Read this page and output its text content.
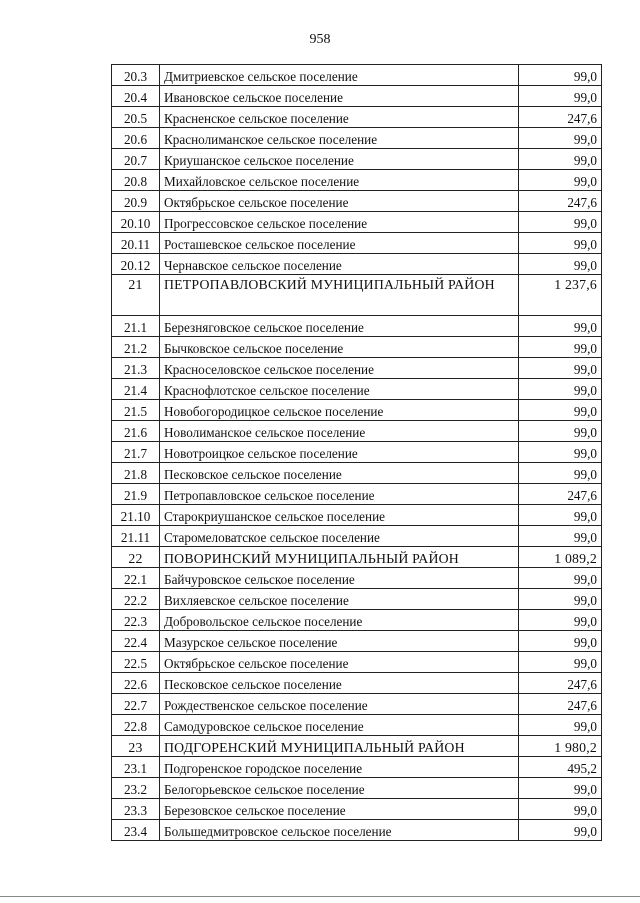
958
20.3	Дмитриевское сельское поселение	99,0
20.4	Ивановское сельское поселение	99,0
20.5	Красненское сельское поселение	247,6
20.6	Краснолиманское сельское поселение	99,0
20.7	Криушанское сельское поселение	99,0
20.8	Михайловское сельское поселение	99,0
20.9	Октябрьское сельское поселение	247,6
20.10	Прогрессовское сельское поселение	99,0
20.11	Росташевское сельское поселение	99,0
20.12	Чернавское сельское поселение	99,0
21	ПЕТРОПАВЛОВСКИЙ МУНИЦИПАЛЬНЫЙ РАЙОН	1 237,6
21.1	Березняговское сельское поселение	99,0
21.2	Бычковское сельское поселение	99,0
21.3	Красноселовское сельское поселение	99,0
21.4	Краснофлотское сельское поселение	99,0
21.5	Новобогородицкое сельское поселение	99,0
21.6	Новолиманское сельское поселение	99,0
21.7	Новотроицкое сельское поселение	99,0
21.8	Песковское сельское поселение	99,0
21.9	Петропавловское сельское поселение	247,6
21.10	Старокриушанское сельское поселение	99,0
21.11	Старомеловатское сельское поселение	99,0
22	ПОВОРИНСКИЙ МУНИЦИПАЛЬНЫЙ РАЙОН	1 089,2
22.1	Байчуровское сельское поселение	99,0
22.2	Вихляевское сельское поселение	99,0
22.3	Добровольское сельское поселение	99,0
22.4	Мазурское сельское поселение	99,0
22.5	Октябрьское сельское поселение	99,0
22.6	Песковское сельское поселение	247,6
22.7	Рождественское сельское поселение	247,6
22.8	Самодуровское сельское поселение	99,0
23	ПОДГОРЕНСКИЙ МУНИЦИПАЛЬНЫЙ РАЙОН	1 980,2
23.1	Подгоренское городское поселение	495,2
23.2	Белогорьевское сельское поселение	99,0
23.3	Березовское сельское поселение	99,0
23.4	Большедмитровское сельское поселение	99,0
